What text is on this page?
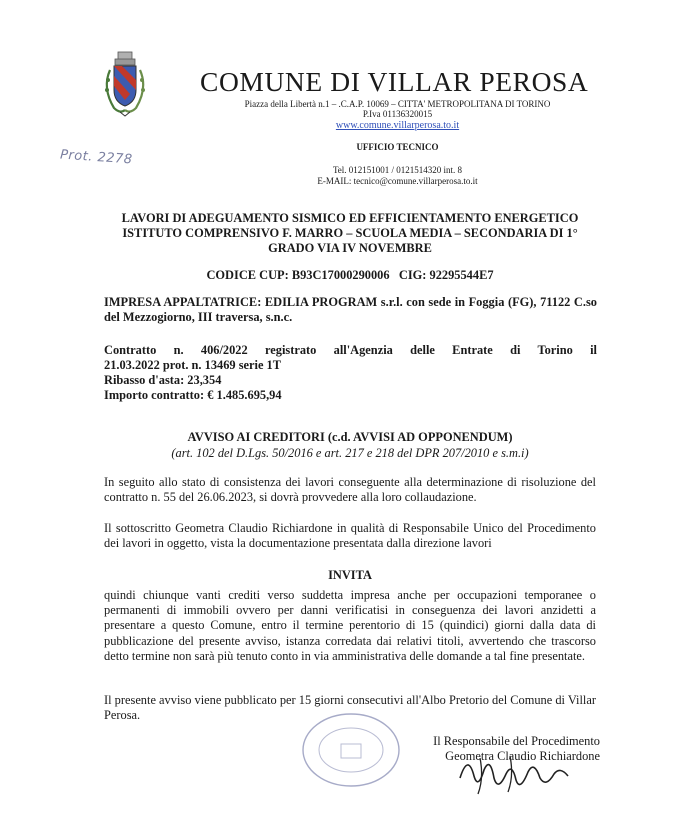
COMUNE DI VILLAR PEROSA
Piazza della Libertà n.1 – .C.A.P. 10069 – CITTA' METROPOLITANA DI TORINO
P.Iva 01136320015
www.comune.villarperosa.to.it
UFFICIO TECNICO
Tel. 012151001 / 0121514320 int. 8
E-MAIL: tecnico@comune.villarperosa.to.it
Prot. 2278
LAVORI DI ADEGUAMENTO SISMICO ED EFFICIENTAMENTO ENERGETICO ISTITUTO COMPRENSIVO F. MARRO – SCUOLA MEDIA – SECONDARIA DI 1° GRADO VIA IV NOVEMBRE
CODICE CUP: B93C17000290006   CIG: 92295544E7
IMPRESA APPALTATRICE: EDILIA PROGRAM s.r.l. con sede in Foggia (FG), 71122 C.so del Mezzogiorno, III traversa, s.n.c.
Contratto n. 406/2022 registrato all'Agenzia delle Entrate di Torino il
21.03.2022 prot. n. 13469 serie 1T
Ribasso d'asta: 23,354
Importo contratto: € 1.485.695,94
AVVISO AI CREDITORI (c.d. AVVISI AD OPPONENDUM)
(art. 102 del D.Lgs. 50/2016 e art. 217 e 218 del DPR 207/2010 e s.m.i)
In seguito allo stato di consistenza dei lavori conseguente alla determinazione di risoluzione del contratto n. 55 del 26.06.2023, si dovrà provvedere alla loro collaudazione.
Il sottoscritto Geometra Claudio Richiardone in qualità di Responsabile Unico del Procedimento dei lavori in oggetto, vista la documentazione presentata dalla direzione lavori
INVITA
quindi chiunque vanti crediti verso suddetta impresa anche per occupazioni temporanee o permanenti di immobili ovvero per danni verificatisi in conseguenza dei lavori anzidetti a presentare a questo Comune, entro il termine perentorio di 15 (quindici) giorni dalla data di pubblicazione del presente avviso, istanza corredata dai relativi titoli, avvertendo che trascorso detto termine non sarà più tenuto conto in via amministrativa delle domande a tal fine presentate.
Il presente avviso viene pubblicato per 15 giorni consecutivi all'Albo Pretorio del Comune di Villar Perosa.
Il Responsabile del Procedimento
Geometra Claudio Richiardone
